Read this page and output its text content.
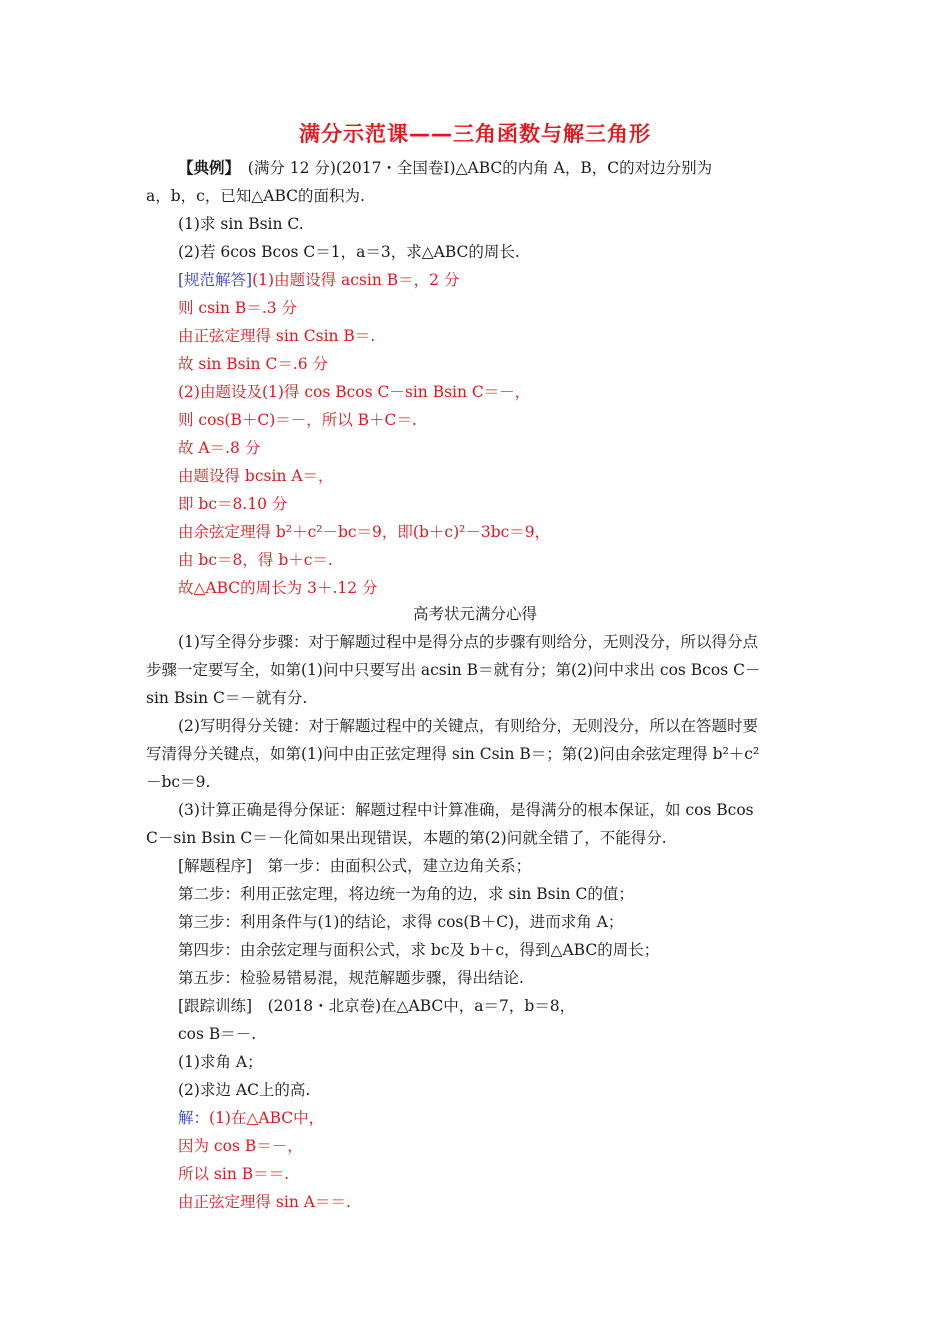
满分示范课——三角函数与解三角形
【典例】　(满分 12 分)(2017・全国卷Ⅰ)△ABC的内角 A，B，C的对边分别为
a，b，c，已知△ABC的面积为.
(1)求 sin Bsin C.
(2)若 6cos Bcos C＝1，a＝3，求△ABC的周长.
[规范解答](1)由题设得 acsin B＝，2 分
则 csin B＝.3 分
由正弦定理得 sin Csin B＝.
故 sin Bsin C＝.6 分
(2)由题设及(1)得 cos Bcos C－sin Bsin C＝－，
则 cos(B＋C)＝－，所以 B＋C＝.
故 A＝.8 分
由题设得 bcsin A＝，
即 bc＝8.10 分
由余弦定理得 b²＋c²－bc＝9，即(b＋c)²－3bc＝9，
由 bc＝8，得 b＋c＝.
故△ABC的周长为 3＋.12 分
高考状元满分心得
(1)写全得分步骤：对于解题过程中是得分点的步骤有则给分，无则没分，所以得分点
步骤一定要写全，如第(1)问中只要写出 acsin B＝就有分；第(2)问中求出 cos Bcos C－
sin Bsin C＝－就有分.
(2)写明得分关键：对于解题过程中的关键点，有则给分，无则没分，所以在答题时要
写清得分关键点，如第(1)问中由正弦定理得 sin Csin B＝；第(2)问由余弦定理得 b²＋c²
－bc＝9.
(3)计算正确是得分保证：解题过程中计算准确，是得满分的根本保证，如 cos Bcos
C－sin Bsin C＝－化简如果出现错误，本题的第(2)问就全错了，不能得分.
[解题程序]　第一步：由面积公式，建立边角关系；
第二步：利用正弦定理，将边统一为角的边，求 sin Bsin C的值；
第三步：利用条件与(1)的结论，求得 cos(B＋C)，进而求角 A；
第四步：由余弦定理与面积公式，求 bc及 b＋c，得到△ABC的周长；
第五步：检验易错易混，规范解题步骤，得出结论.
[跟踪训练]　(2018・北京卷)在△ABC中，a＝7，b＝8，
cos B＝－.
(1)求角 A；
(2)求边 AC上的高.
解：(1)在△ABC中，
因为 cos B＝－，
所以 sin B＝＝.
由正弦定理得 sin A＝＝.
